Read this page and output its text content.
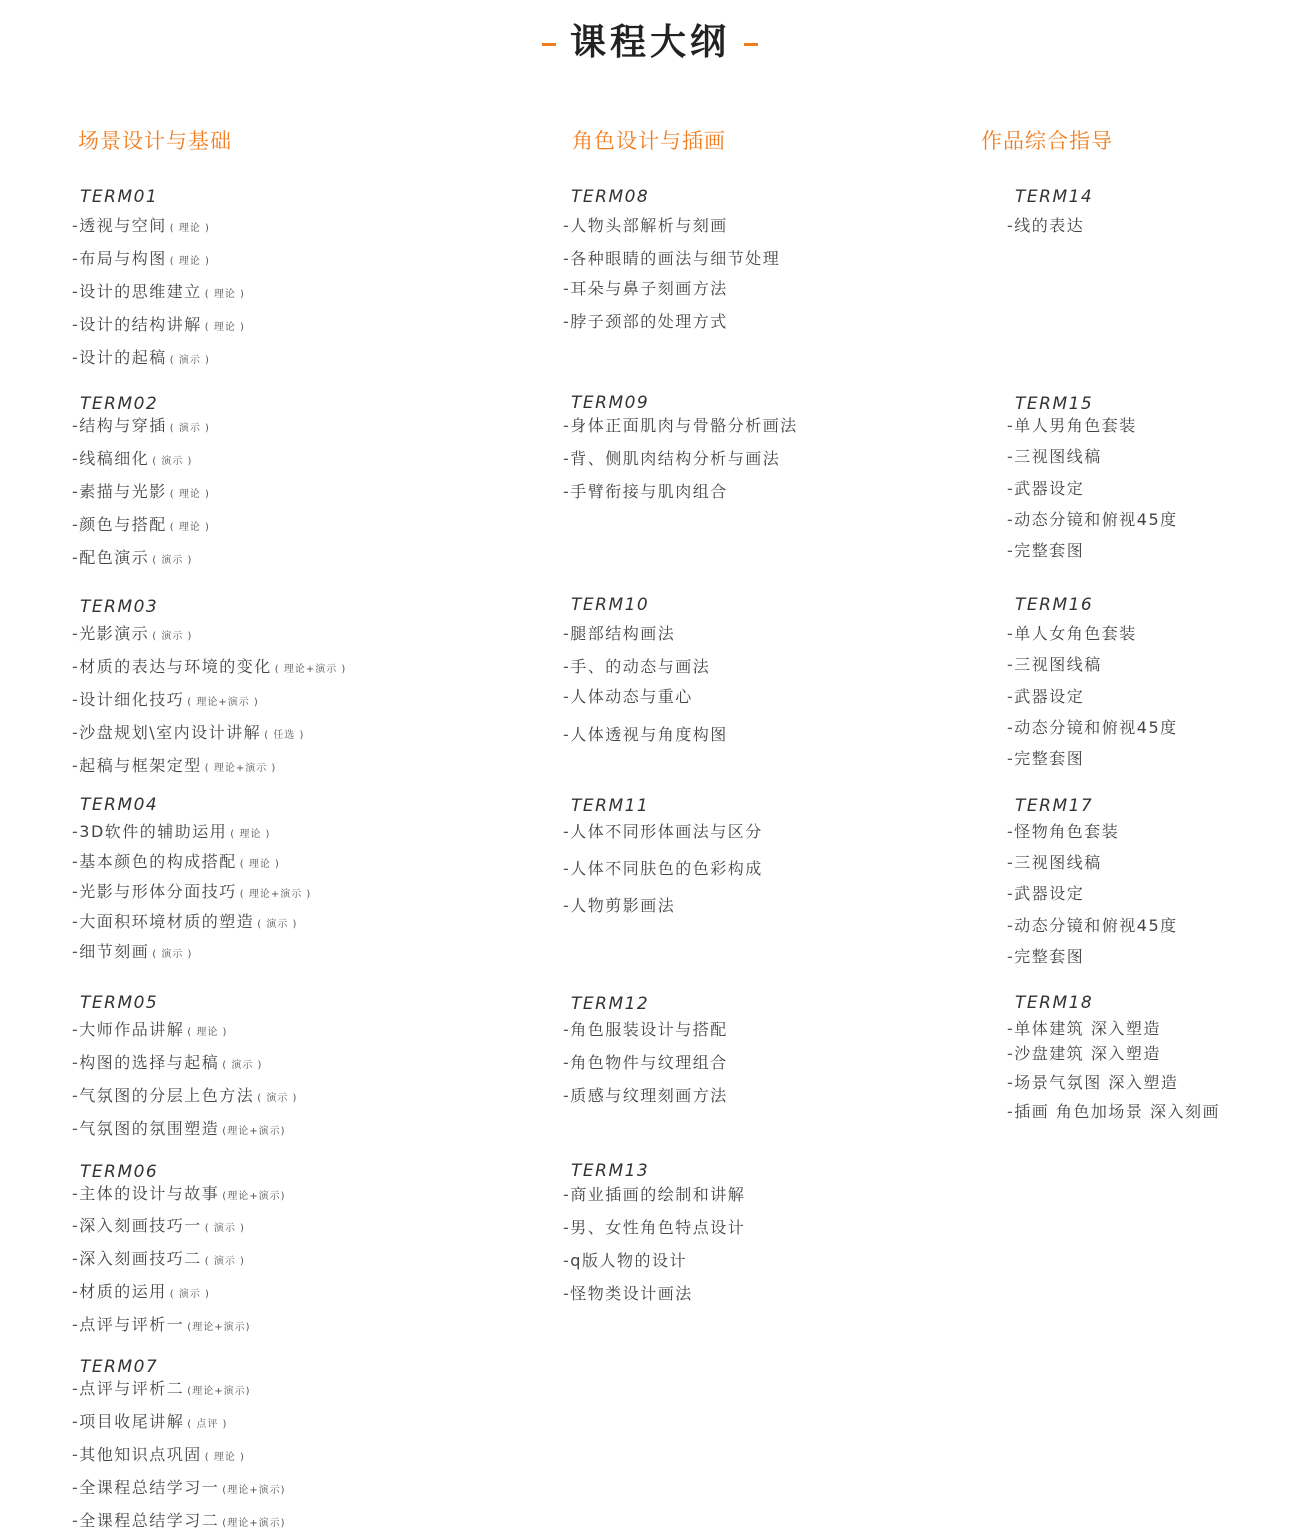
课程大纲
场景设计与基础	角色设计与插画	作品综合指导
TERM01
-透视与空间 ( 理论 )
-布局与构图 ( 理论 )
-设计的思维建立 ( 理论 )
-设计的结构讲解 ( 理论 )
-设计的起稿 ( 演示 )
TERM02
-结构与穿插 ( 演示 )
-线稿细化 ( 演示 )
-素描与光影 ( 理论 )
-颜色与搭配 ( 理论 )
-配色演示 ( 演示 )
TERM03
-光影演示 ( 演示 )
-材质的表达与环境的变化 ( 理论+演示 )
-设计细化技巧 ( 理论+演示 )
-沙盘规划\室内设计讲解 ( 任选 )
-起稿与框架定型 ( 理论+演示 )
TERM04
-3D软件的辅助运用 ( 理论 )
-基本颜色的构成搭配 ( 理论 )
-光影与形体分面技巧 ( 理论+演示 )
-大面积环境材质的塑造 ( 演示 )
-细节刻画 ( 演示 )
TERM05
-大师作品讲解 ( 理论 )
-构图的选择与起稿 ( 演示 )
-气氛图的分层上色方法 ( 演示 )
-气氛图的氛围塑造 (理论+演示)
TERM06
-主体的设计与故事 (理论+演示)
-深入刻画技巧一 ( 演示 )
-深入刻画技巧二 ( 演示 )
-材质的运用 ( 演示 )
-点评与评析一 (理论+演示)
TERM07
-点评与评析二 (理论+演示)
-项目收尾讲解 ( 点评 )
-其他知识点巩固 ( 理论 )
-全课程总结学习一 (理论+演示)
-全课程总结学习二 (理论+演示)
TERM08
-人物头部解析与刻画
-各种眼睛的画法与细节处理
-耳朵与鼻子刻画方法
-脖子颈部的处理方式
TERM09
-身体正面肌肉与骨骼分析画法
-背、侧肌肉结构分析与画法
-手臂衔接与肌肉组合
TERM10
-腿部结构画法
-手、的动态与画法
-人体动态与重心
-人体透视与角度构图
TERM11
-人体不同形体画法与区分
-人体不同肤色的色彩构成
-人物剪影画法
TERM12
-角色服装设计与搭配
-角色物件与纹理组合
-质感与纹理刻画方法
TERM13
-商业插画的绘制和讲解
-男、女性角色特点设计
-q版人物的设计
-怪物类设计画法
TERM14
-线的表达
TERM15
-单人男角色套装
-三视图线稿
-武器设定
-动态分镜和俯视45度
-完整套图
TERM16
-单人女角色套装
-三视图线稿
-武器设定
-动态分镜和俯视45度
-完整套图
TERM17
-怪物角色套装
-三视图线稿
-武器设定
-动态分镜和俯视45度
-完整套图
TERM18
-单体建筑 深入塑造
-沙盘建筑 深入塑造
-场景气氛图 深入塑造
-插画 角色加场景 深入刻画
